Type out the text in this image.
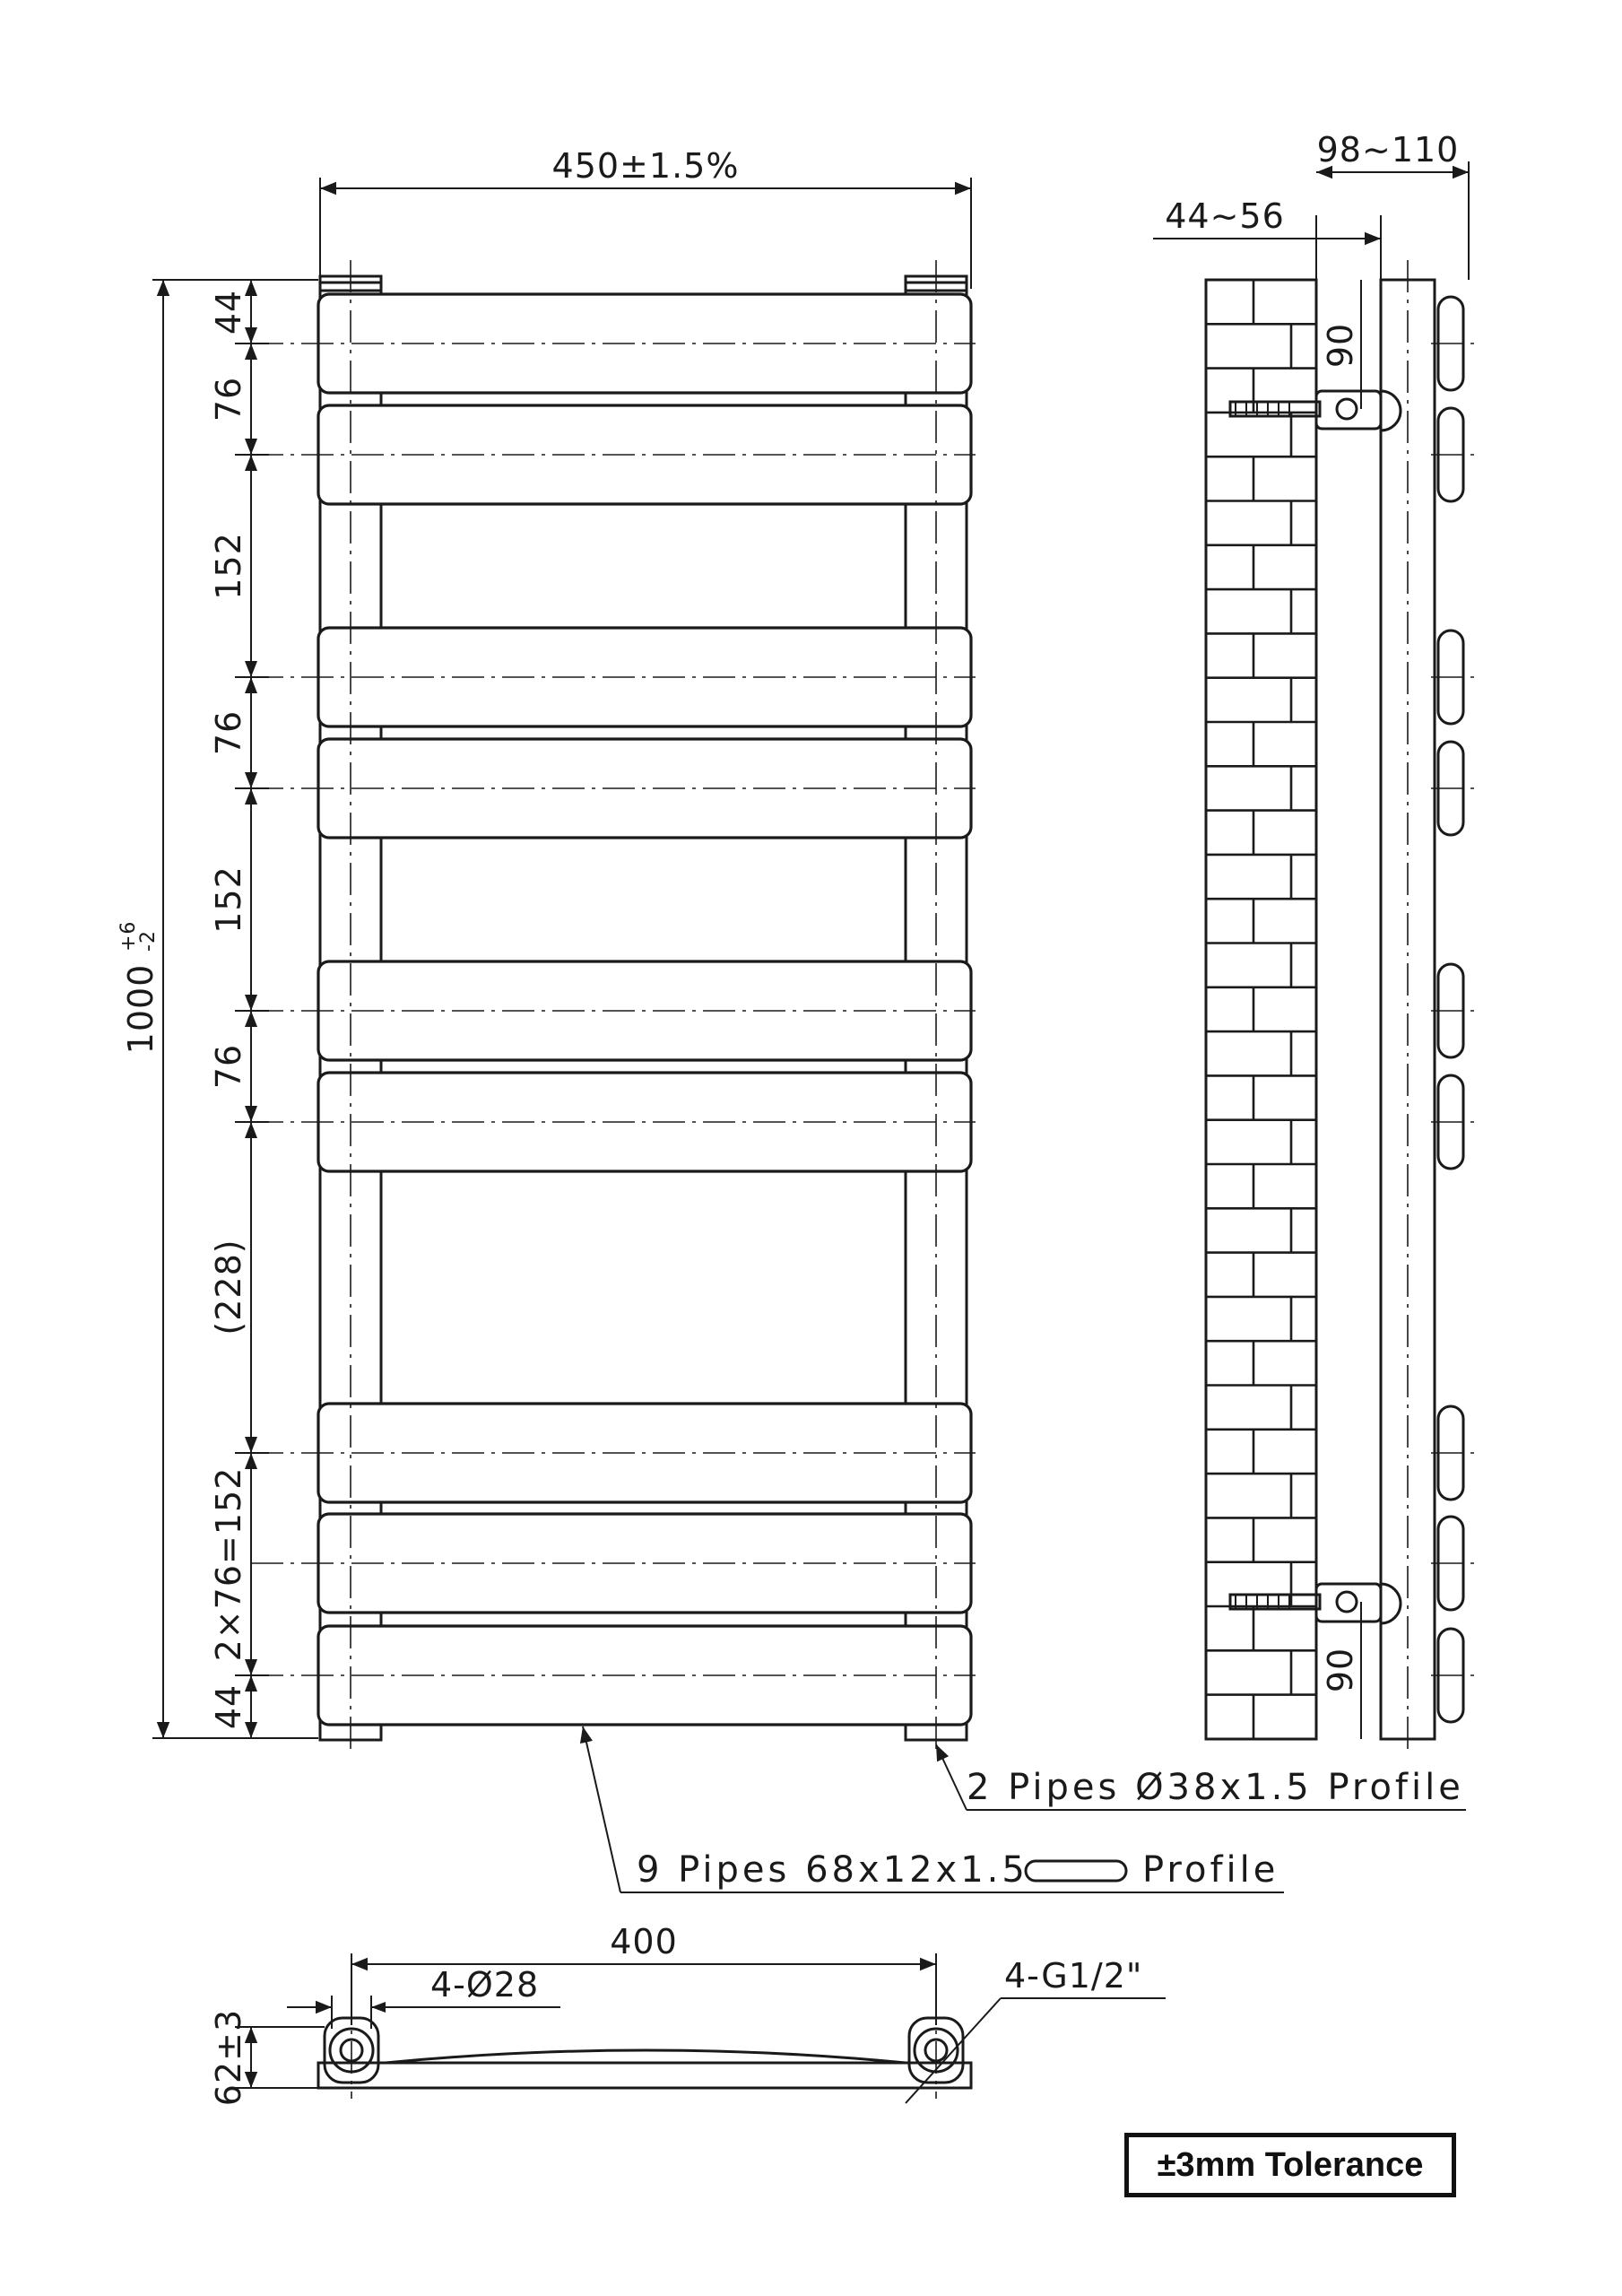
450±1.5%
1000
+6
-2
44
76
152
76
152
76
(228)
2×76=152
44
2 Pipes Ø38x1.5 Profile
9 Pipes 68x12x1.5	Profile
44~56
98~110
90
90
400
4-Ø28	4-G1/2"
62±3
±3mm Tolerance
